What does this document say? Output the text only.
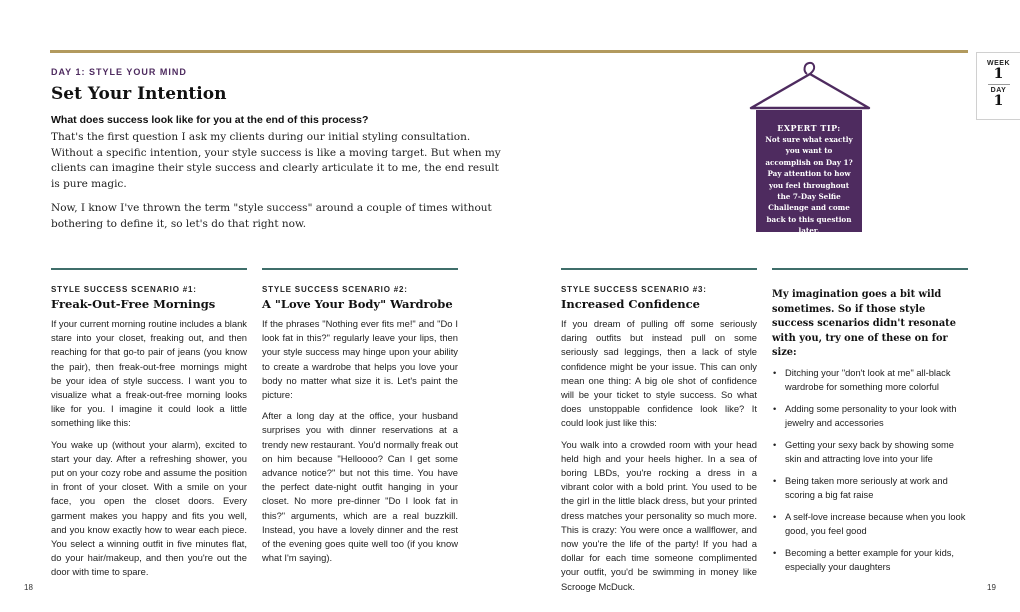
DAY 1: STYLE YOUR MIND
Set Your Intention
What does success look like for you at the end of this process?

That's the first question I ask my clients during our initial styling consultation. Without a specific intention, your style success is like a moving target. But when my clients can imagine their style success and clearly articulate it to me, the end result is pure magic.

Now, I know I've thrown the term "style success" around a couple of times without bothering to define it, so let's do that right now.

EXPERT TIP:
Not sure what exactly you want to accomplish on Day 1? Pay attention to how you feel throughout the 7-Day Selfie Challenge and come back to this question later.
WEEK
1
DAY
1
STYLE SUCCESS SCENARIO #1:
Freak-Out-Free Mornings

If your current morning routine includes a blank stare into your closet, freaking out, and then reaching for that go-to pair of jeans (you know the pair), then freak-out-free mornings might be your idea of style success. I want you to visualize what a freak-out-free morning looks like for you. I imagine it could look a little something like this:

You wake up (without your alarm), excited to start your day. After a refreshing shower, you put on your cozy robe and assume the position in front of your closet. With a smile on your face, you open the closet doors. Every garment makes you happy and fits you well, and you know exactly how to wear each piece. You select a winning outfit in five minutes flat, do your hair/makeup, and then you're out the door with time to spare.

STYLE SUCCESS SCENARIO #2:
A "Love Your Body" Wardrobe

If the phrases "Nothing ever fits me!" and "Do I look fat in this?" regularly leave your lips, then your style success may hinge upon your ability to create a wardrobe that helps you love your body no matter what size it is. Let's paint the picture:

After a long day at the office, your husband surprises you with dinner reservations at a trendy new restaurant. You'd normally freak out on him because "Helloooo? Can I get some advance notice?" but not this time. You have the perfect date-night outfit hanging in your closet. No more pre-dinner "Do I look fat in this?" arguments, which are a real buzzkill. Instead, you have a lovely dinner and the rest of the evening goes quite well too (if you know what I'm saying).

STYLE SUCCESS SCENARIO #3:
Increased Confidence

If you dream of pulling off some seriously daring outfits but instead pull on some seriously sad leggings, then a lack of style confidence might be your issue. This can only mean one thing: A big ole shot of confidence will be your ticket to style success. So what does unstoppable confidence look like? It could look just like this:

You walk into a crowded room with your head held high and your heels higher. In a sea of boring LBDs, you're rocking a dress in a vibrant color with a bold print. You used to be the girl in the little black dress, but your printed dress matches your personality so much more. This is crazy: You were once a wallflower, and now you're the life of the party! If you had a dollar for each time someone complimented your outfit, you'd be swimming in money like Scrooge McDuck.

My imagination goes a bit wild sometimes. So if those style success scenarios didn't resonate with you, try one of these on for size:
• Ditching your "don't look at me" all-black wardrobe for something more colorful
• Adding some personality to your look with jewelry and accessories
• Getting your sexy back by showing some skin and attracting love into your life
• Being taken more seriously at work and scoring a big fat raise
• A self-love increase because when you look good, you feel good
• Becoming a better example for your kids, especially your daughters
18	19
